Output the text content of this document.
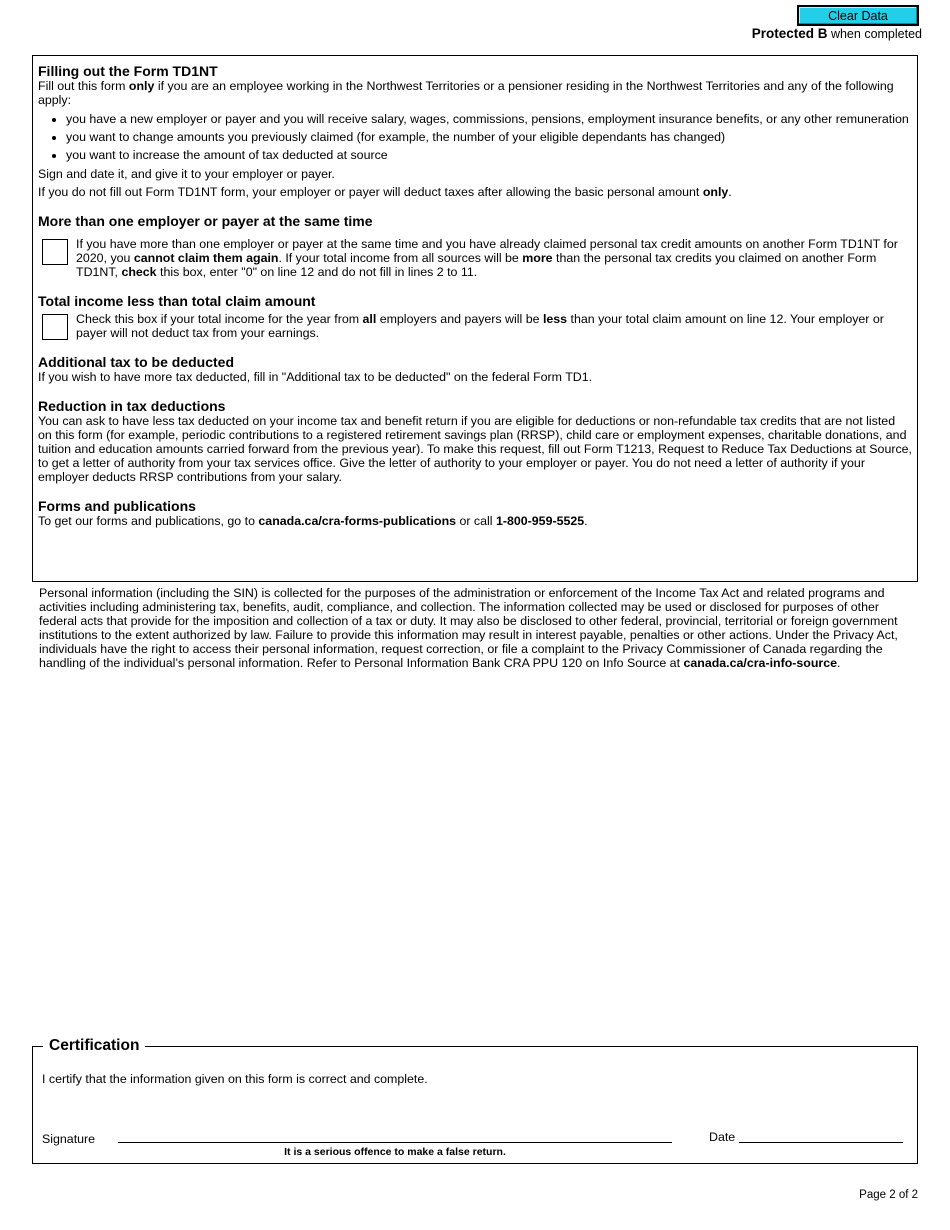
Clear Data
Protected B when completed
Filling out the Form TD1NT

Fill out this form only if you are an employee working in the Northwest Territories or a pensioner residing in the Northwest Territories and any of the following apply:

• you have a new employer or payer and you will receive salary, wages, commissions, pensions, employment insurance benefits, or any other remuneration
• you want to change amounts you previously claimed (for example, the number of your eligible dependants has changed)
• you want to increase the amount of tax deducted at source

Sign and date it, and give it to your employer or payer.

If you do not fill out Form TD1NT form, your employer or payer will deduct taxes after allowing the basic personal amount only.

More than one employer or payer at the same time

If you have more than one employer or payer at the same time and you have already claimed personal tax credit amounts on another Form TD1NT for 2020, you cannot claim them again. If your total income from all sources will be more than the personal tax credits you claimed on another Form TD1NT, check this box, enter "0" on line 12 and do not fill in lines 2 to 11.

Total income less than total claim amount

Check this box if your total income for the year from all employers and payers will be less than your total claim amount on line 12. Your employer or payer will not deduct tax from your earnings.

Additional tax to be deducted

If you wish to have more tax deducted, fill in "Additional tax to be deducted" on the federal Form TD1.

Reduction in tax deductions

You can ask to have less tax deducted on your income tax and benefit return if you are eligible for deductions or non-refundable tax credits that are not listed on this form (for example, periodic contributions to a registered retirement savings plan (RRSP), child care or employment expenses, charitable donations, and tuition and education amounts carried forward from the previous year). To make this request, fill out Form T1213, Request to Reduce Tax Deductions at Source, to get a letter of authority from your tax services office. Give the letter of authority to your employer or payer. You do not need a letter of authority if your employer deducts RRSP contributions from your salary.

Forms and publications

To get our forms and publications, go to canada.ca/cra-forms-publications or call 1-800-959-5525.

Personal information (including the SIN) is collected for the purposes of the administration or enforcement of the Income Tax Act and related programs and activities including administering tax, benefits, audit, compliance, and collection. The information collected may be used or disclosed for purposes of other federal acts that provide for the imposition and collection of a tax or duty. It may also be disclosed to other federal, provincial, territorial or foreign government institutions to the extent authorized by law. Failure to provide this information may result in interest payable, penalties or other actions. Under the Privacy Act, individuals have the right to access their personal information, request correction, or file a complaint to the Privacy Commissioner of Canada regarding the handling of the individual’s personal information. Refer to Personal Information Bank CRA PPU 120 on Info Source at canada.ca/cra-info-source.

Certification
I certify that the information given on this form is correct and complete.
Signature
It is a serious offence to make a false return.
Date
Page 2 of 2
